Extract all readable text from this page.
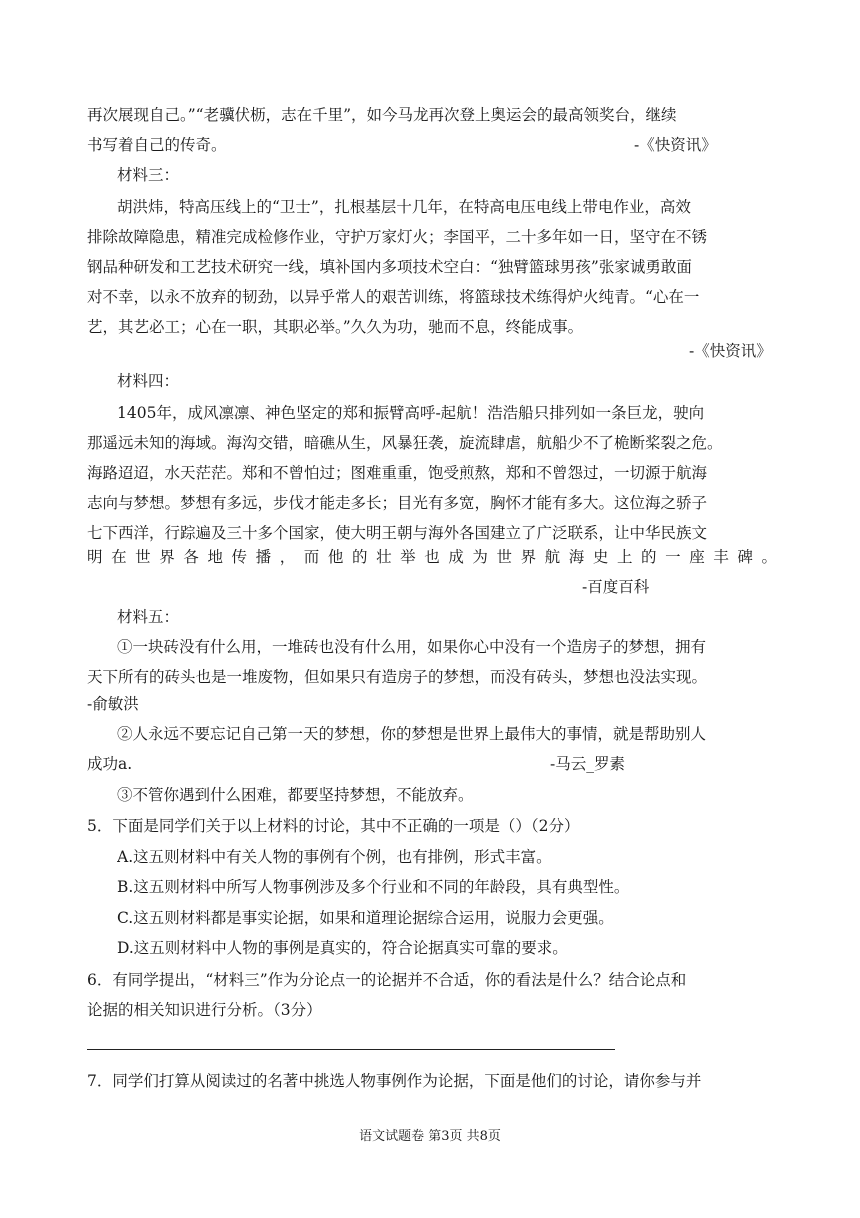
再次展现自己。”“老骥伏枥，志在千里”，如今马龙再次登上奥运会的最高领奖台，继续
书写着自己的传奇。	-《快资讯》
材料三：
胡洪炜，特高压线上的“卫士”，扎根基层十几年，在特高电压电线上带电作业，高效
排除故障隐患，精准完成检修作业，守护万家灯火；李国平，二十多年如一日，坚守在不锈
钢品种研发和工艺技术研究一线，填补国内多项技术空白：“独臂篮球男孩”张家诚勇敢面
对不幸，以永不放弃的韧劲，以异乎常人的艰苦训练，将篮球技术练得炉火纯青。“心在一
艺，其艺必工；心在一职，其职必举。”久久为功，驰而不息，终能成事。
-《快资讯》
材料四：
1405年，成风凛凛、神色坚定的郑和振臂高呼-起航！浩浩船只排列如一条巨龙，驶向
那遥远未知的海域。海沟交错，暗礁从生，风暴狂袭，旋流肆虐，航船少不了桅断桨裂之危。
海路迢迢，水天茫茫。郑和不曾怕过；图难重重，饱受煎熬，郑和不曾怨过，一切源于航海
志向与梦想。梦想有多远，步伐才能走多长；目光有多宽，胸怀才能有多大。这位海之骄子
七下西洋，行踪遍及三十多个国家，使大明王朝与海外各国建立了广泛联系，让中华民族文
明在世界各地传播，而他的壮举也成为世界航海史上的一座丰碑。
-百度百科
材料五：
①一块砖没有什么用，一堆砖也没有什么用，如果你心中没有一个造房子的梦想，拥有
天下所有的砖头也是一堆废物，但如果只有造房子的梦想，而没有砖头，梦想也没法实现。
-俞敏洪
②人永远不要忘记自己第一天的梦想，你的梦想是世界上最伟大的事情，就是帮助别人
成功a.	-马云_罗素
③不管你遇到什么困难，都要坚持梦想，不能放弃。
5．下面是同学们关于以上材料的讨论，其中不正确的一项是（）（2分）
A.这五则材料中有关人物的事例有个例，也有排例，形式丰富。
B.这五则材料中所写人物事例涉及多个行业和不同的年龄段，具有典型性。
C.这五则材料都是事实论据，如果和道理论据综合运用，说服力会更强。
D.这五则材料中人物的事例是真实的，符合论据真实可靠的要求。
6．有同学提出，“材料三”作为分论点一的论据并不合适，你的看法是什么？结合论点和
论据的相关知识进行分析。（3分）
7．同学们打算从阅读过的名著中挑选人物事例作为论据，下面是他们的讨论，请你参与并
语文试题卷 第3页 共8页
